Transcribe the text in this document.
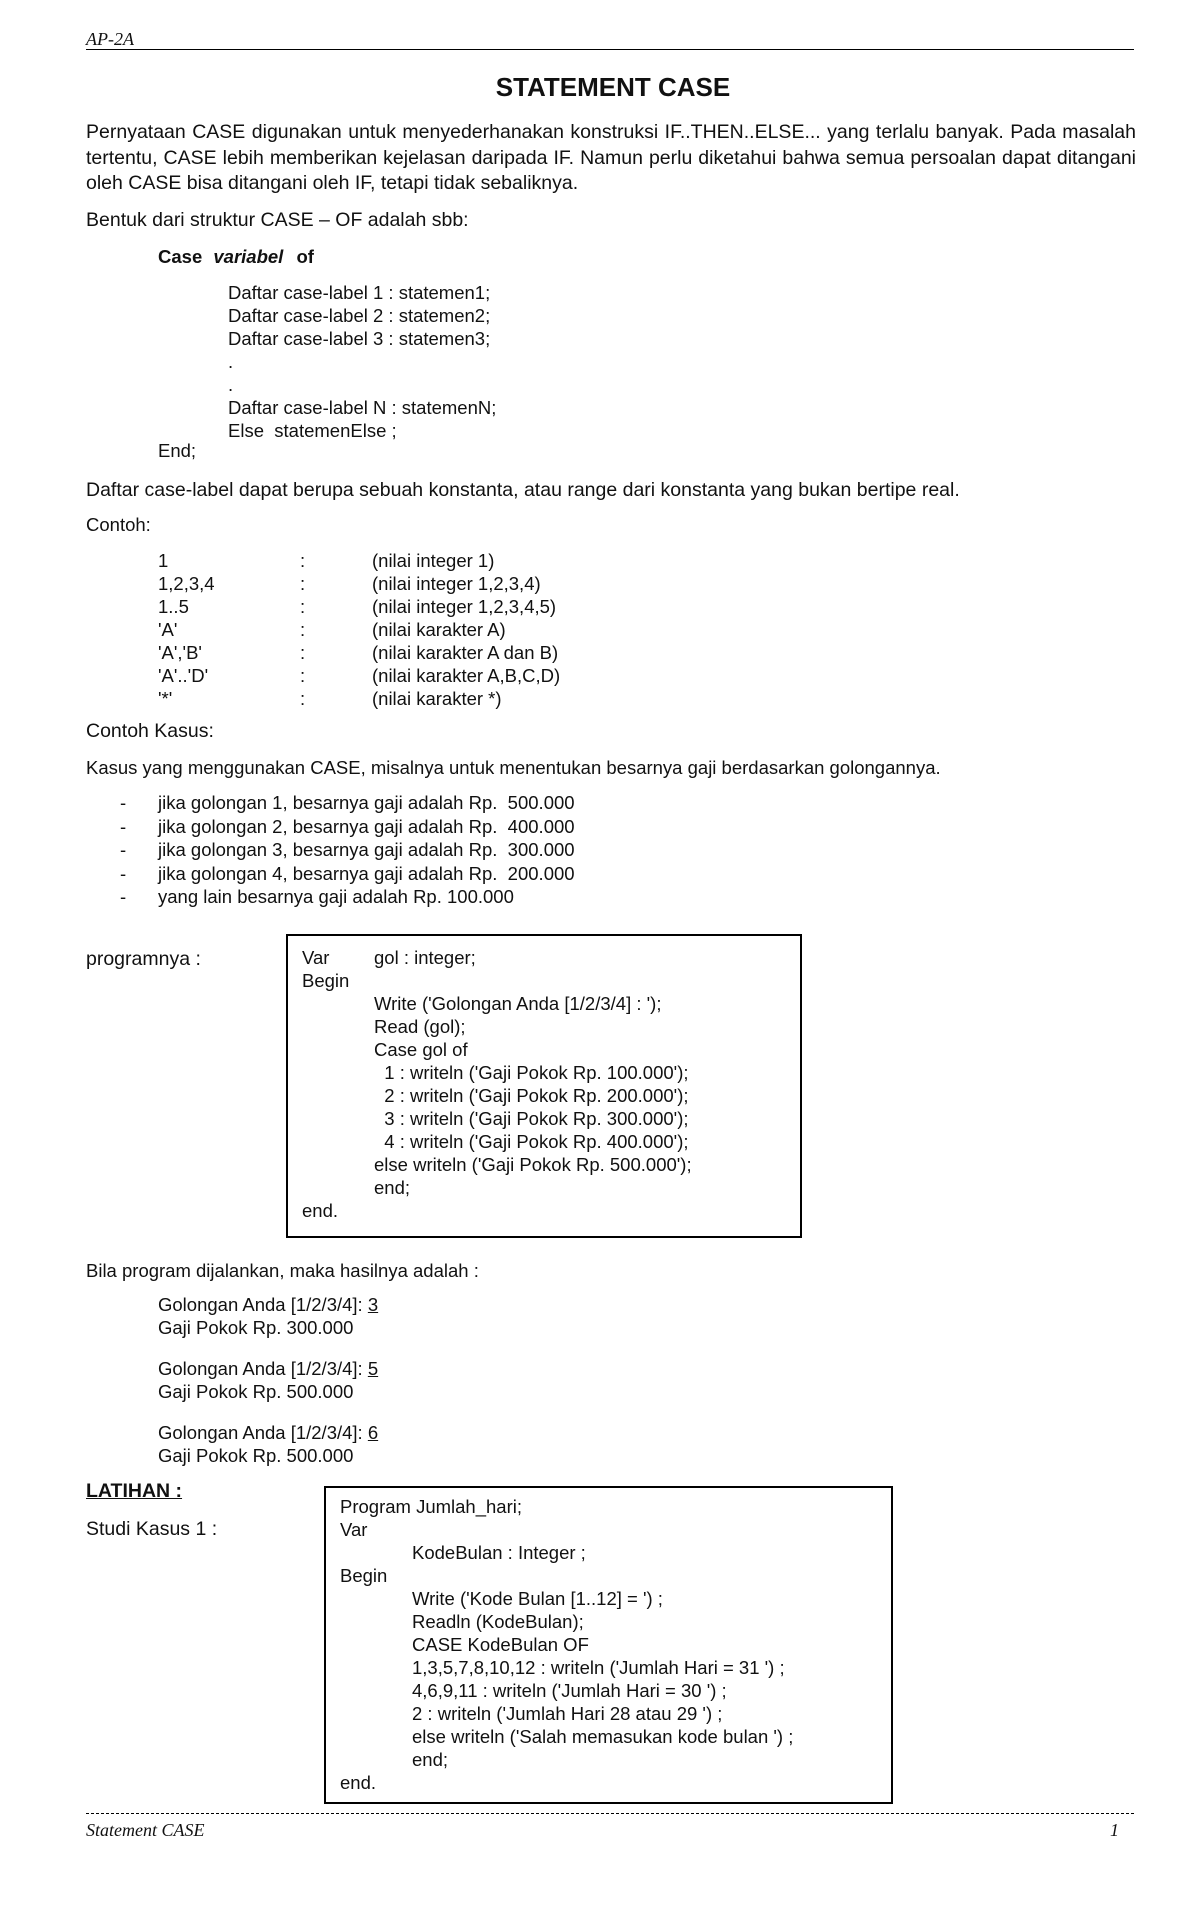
AP-2A
STATEMENT CASE
Pernyataan CASE digunakan untuk menyederhanakan konstruksi IF..THEN..ELSE... yang terlalu banyak. Pada masalah tertentu, CASE lebih memberikan kejelasan daripada IF. Namun perlu diketahui bahwa semua persoalan dapat ditangani oleh CASE bisa ditangani oleh IF, tetapi tidak sebaliknya.
Bentuk dari struktur CASE – OF adalah sbb:
Case variabel of
Daftar case-label 1 : statemen1;
Daftar case-label 2 : statemen2;
Daftar case-label 3 : statemen3;
.
.
Daftar case-label N : statemenN;
Else  statemenElse ;
End;
Daftar case-label dapat berupa sebuah konstanta, atau range dari konstanta yang bukan bertipe real.
Contoh:
1	:	(nilai integer 1)
1,2,3,4	:	(nilai integer 1,2,3,4)
1..5	:	(nilai integer 1,2,3,4,5)
'A'	:	(nilai karakter A)
'A','B'	:	(nilai karakter A dan B)
'A'..'D'	:	(nilai karakter A,B,C,D)
'*'	:	(nilai karakter *)
Contoh Kasus:
Kasus yang menggunakan CASE, misalnya untuk menentukan besarnya gaji berdasarkan golongannya.
- jika golongan 1, besarnya gaji adalah Rp.  500.000
- jika golongan 2, besarnya gaji adalah Rp.  400.000
- jika golongan 3, besarnya gaji adalah Rp.  300.000
- jika golongan 4, besarnya gaji adalah Rp.  200.000
- yang lain besarnya gaji adalah Rp. 100.000
programnya :	Var gol : integer;
Begin
Write ('Golongan Anda [1/2/3/4] : ');
Read (gol);
Case gol of
1 : writeln ('Gaji Pokok Rp. 100.000');
2 : writeln ('Gaji Pokok Rp. 200.000');
3 : writeln ('Gaji Pokok Rp. 300.000');
4 : writeln ('Gaji Pokok Rp. 400.000');
else writeln ('Gaji Pokok Rp. 500.000');
end;
end.
Bila program dijalankan, maka hasilnya adalah :
Golongan Anda [1/2/3/4]: 3
Gaji Pokok Rp. 300.000
Golongan Anda [1/2/3/4]: 5
Gaji Pokok Rp. 500.000
Golongan Anda [1/2/3/4]: 6
Gaji Pokok Rp. 500.000
LATIHAN :
Studi Kasus 1 :
Program Jumlah_hari;
Var
KodeBulan : Integer ;
Begin
Write ('Kode Bulan [1..12] = ') ;
Readln (KodeBulan);
CASE KodeBulan OF
1,3,5,7,8,10,12 : writeln ('Jumlah Hari = 31 ') ;
4,6,9,11 : writeln ('Jumlah Hari = 30 ') ;
2 : writeln ('Jumlah Hari 28 atau 29 ') ;
else writeln ('Salah memasukan kode bulan ') ;
end;
end.
Statement CASE	1
